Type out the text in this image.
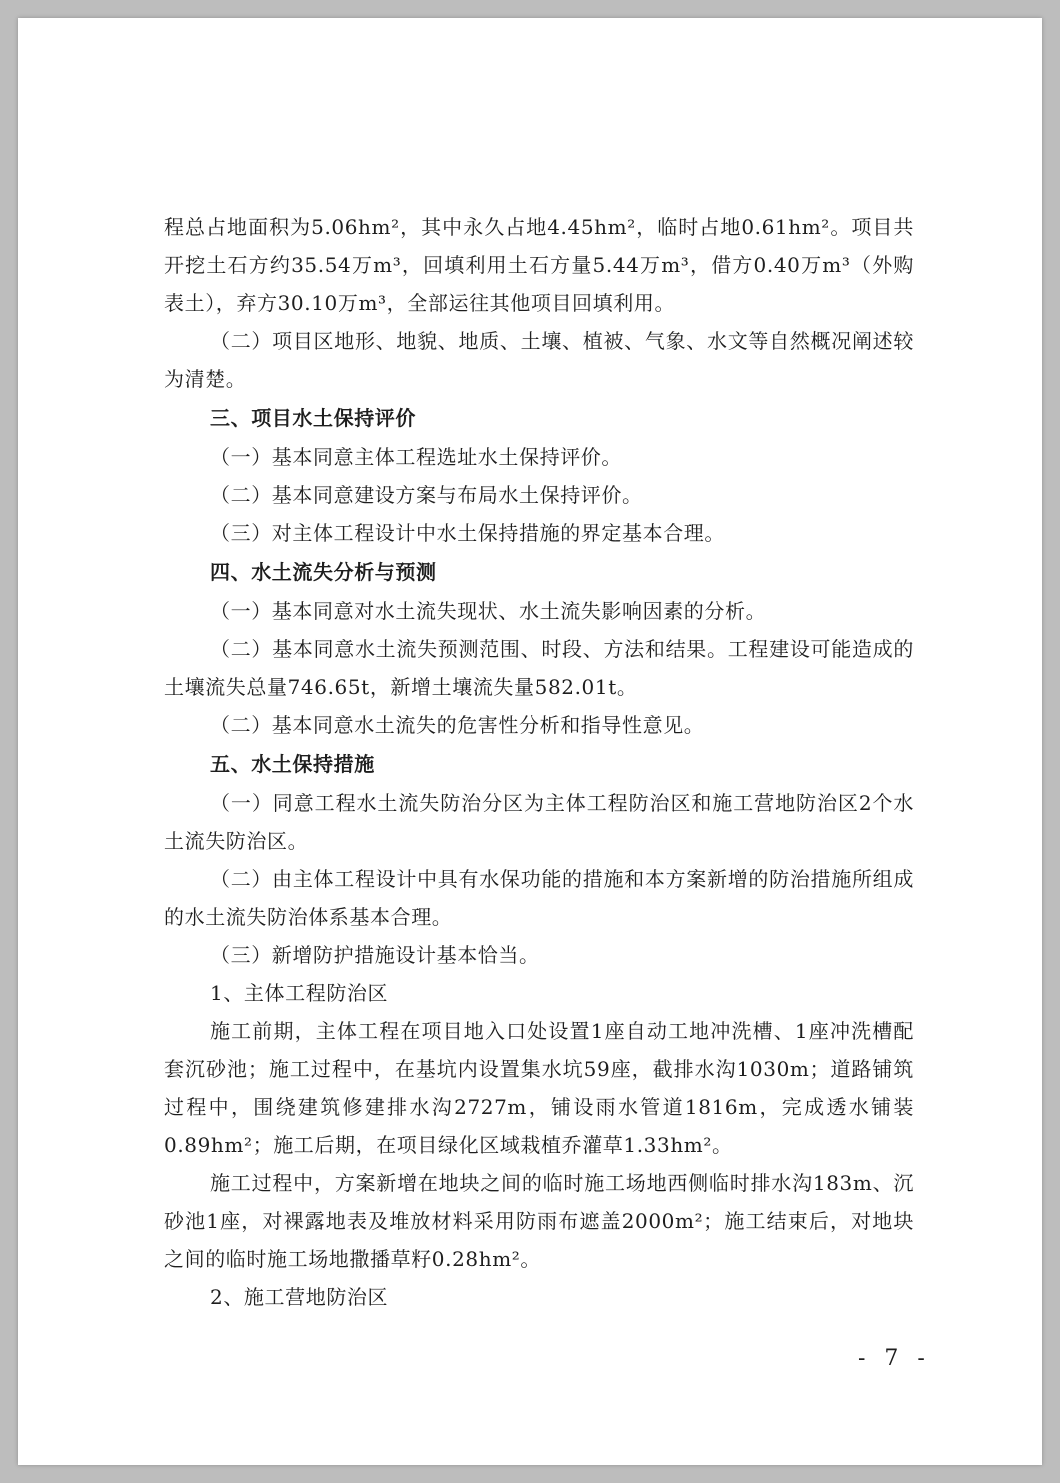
程总占地面积为5.06hm²，其中永久占地4.45hm²，临时占地0.61hm²。项目共开挖土石方约35.54万m³，回填利用土石方量5.44万m³，借方0.40万m³（外购表土），弃方30.10万m³，全部运往其他项目回填利用。

（二）项目区地形、地貌、地质、土壤、植被、气象、水文等自然概况阐述较为清楚。

三、项目水土保持评价

（一）基本同意主体工程选址水土保持评价。

（二）基本同意建设方案与布局水土保持评价。

（三）对主体工程设计中水土保持措施的界定基本合理。

四、水土流失分析与预测

（一）基本同意对水土流失现状、水土流失影响因素的分析。

（二）基本同意水土流失预测范围、时段、方法和结果。工程建设可能造成的土壤流失总量746.65t，新增土壤流失量582.01t。

（二）基本同意水土流失的危害性分析和指导性意见。

五、水土保持措施

（一）同意工程水土流失防治分区为主体工程防治区和施工营地防治区2个水土流失防治区。

（二）由主体工程设计中具有水保功能的措施和本方案新增的防治措施所组成的水土流失防治体系基本合理。

（三）新增防护措施设计基本恰当。

1、主体工程防治区

施工前期，主体工程在项目地入口处设置1座自动工地冲洗槽、1座冲洗槽配套沉砂池；施工过程中，在基坑内设置集水坑59座，截排水沟1030m；道路铺筑过程中，围绕建筑修建排水沟2727m，铺设雨水管道1816m，完成透水铺装0.89hm²；施工后期，在项目绿化区域栽植乔灌草1.33hm²。

施工过程中，方案新增在地块之间的临时施工场地西侧临时排水沟183m、沉砂池1座，对裸露地表及堆放材料采用防雨布遮盖2000m²；施工结束后，对地块之间的临时施工场地撒播草籽0.28hm²。

2、施工营地防治区

- 7 -
